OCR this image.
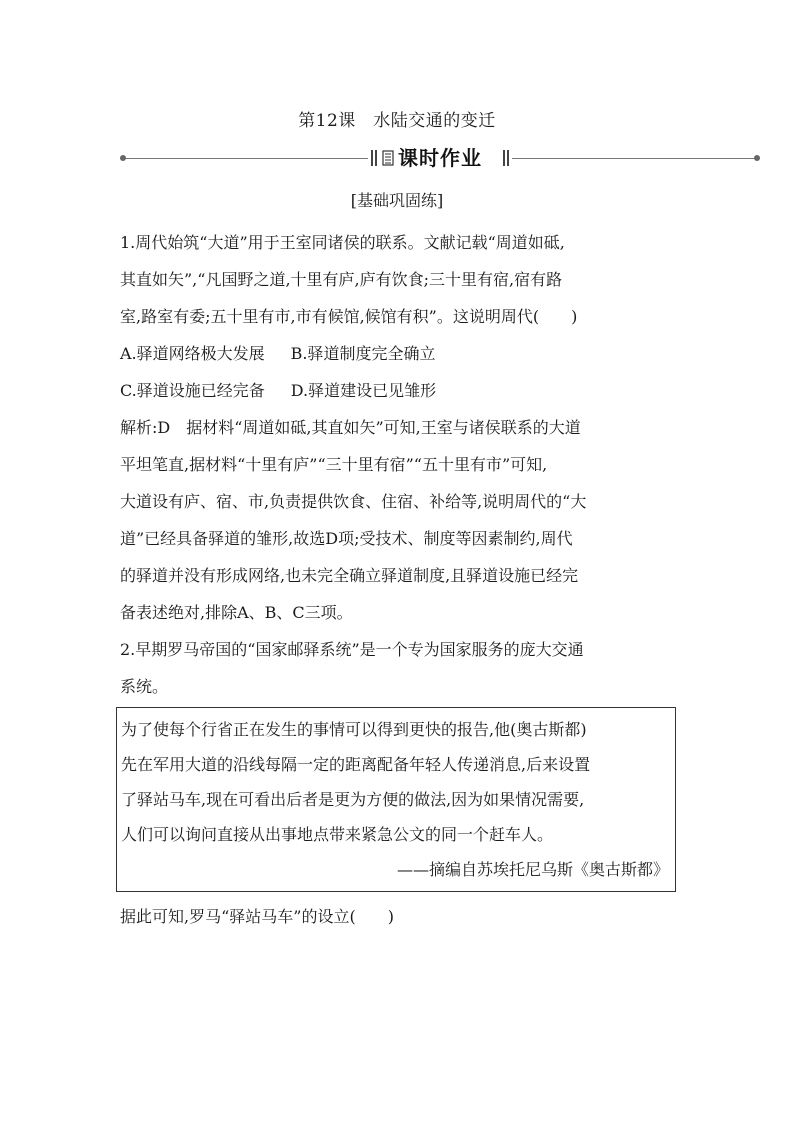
第12课　水陆交通的变迁
课时作业
[基础巩固练]
1.周代始筑“大道”用于王室同诸侯的联系。文献记载“周道如砥,
其直如矢”,“凡国野之道,十里有庐,庐有饮食;三十里有宿,宿有路
室,路室有委;五十里有市,市有候馆,候馆有积”。这说明周代(　　)
A.驿道网络极大发展 B.驿道制度完全确立
C.驿道设施已经完备 D.驿道建设已见雏形
解析:D　据材料“周道如砥,其直如矢”可知,王室与诸侯联系的大道
平坦笔直,据材料“十里有庐”“三十里有宿”“五十里有市”可知,
大道设有庐、宿、市,负责提供饮食、住宿、补给等,说明周代的“大
道”已经具备驿道的雏形,故选D项;受技术、制度等因素制约,周代
的驿道并没有形成网络,也未完全确立驿道制度,且驿道设施已经完
备表述绝对,排除A、B、C三项。
2.早期罗马帝国的“国家邮驿系统”是一个专为国家服务的庞大交通
系统。
为了使每个行省正在发生的事情可以得到更快的报告,他(奥古斯都)
先在军用大道的沿线每隔一定的距离配备年轻人传递消息,后来设置
了驿站马车,现在可看出后者是更为方便的做法,因为如果情况需要,
人们可以询问直接从出事地点带来紧急公文的同一个赶车人。
——摘编自苏埃托尼乌斯《奥古斯都》
据此可知,罗马“驿站马车”的设立(　　)
